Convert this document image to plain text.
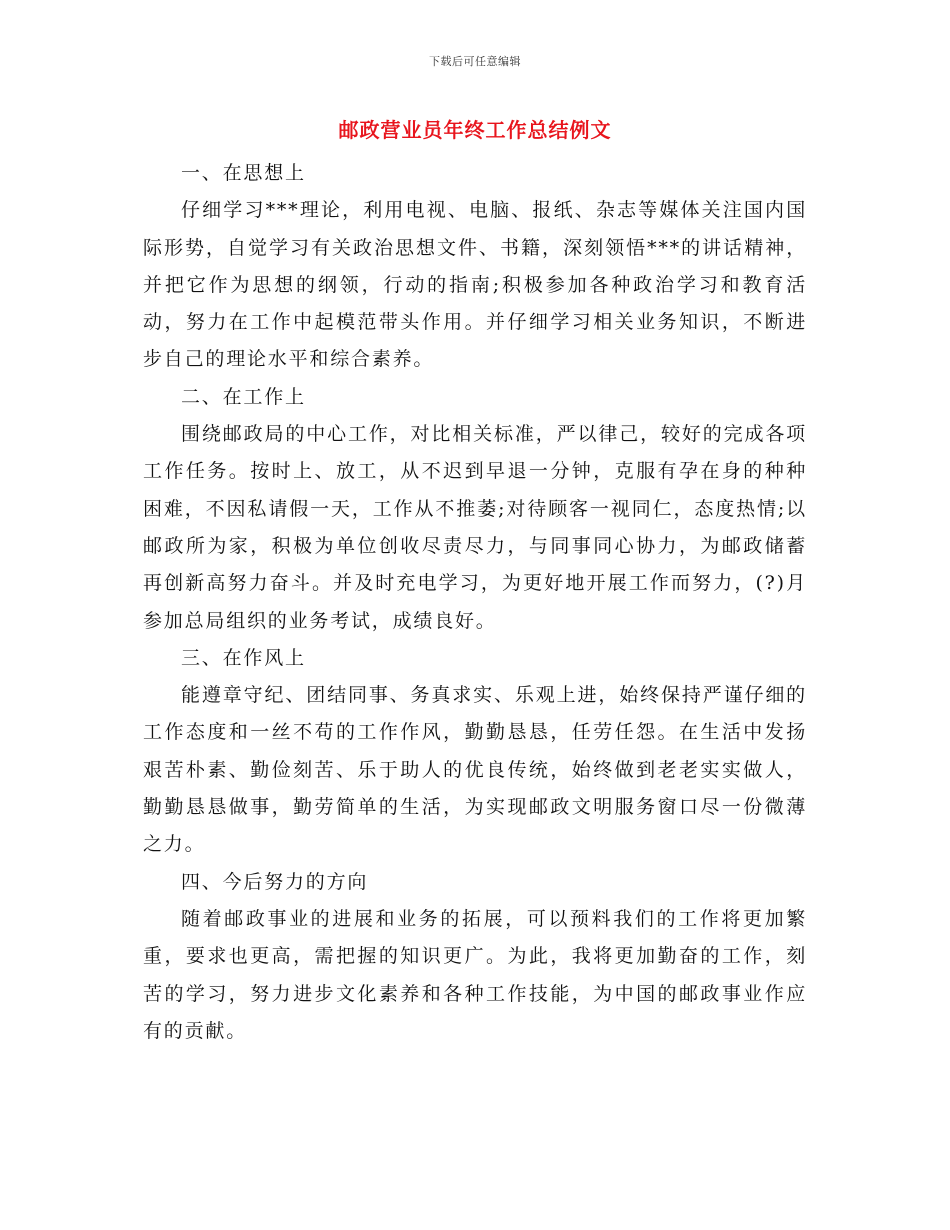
下载后可任意编辑
邮政营业员年终工作总结例文

一、在思想上

仔细学习***理论，利用电视、电脑、报纸、杂志等媒体关注国内国际形势，自觉学习有关政治思想文件、书籍，深刻领悟***的讲话精神，并把它作为思想的纲领，行动的指南;积极参加各种政治学习和教育活动，努力在工作中起模范带头作用。并仔细学习相关业务知识，不断进步自己的理论水平和综合素养。

二、在工作上

围绕邮政局的中心工作，对比相关标准，严以律己，较好的完成各项工作任务。按时上、放工，从不迟到早退一分钟，克服有孕在身的种种困难，不因私请假一天，工作从不推萎;对待顾客一视同仁，态度热情;以邮政所为家，积极为单位创收尽责尽力，与同事同心协力，为邮政储蓄再创新高努力奋斗。并及时充电学习，为更好地开展工作而努力，(?)月参加总局组织的业务考试，成绩良好。

三、在作风上

能遵章守纪、团结同事、务真求实、乐观上进，始终保持严谨仔细的工作态度和一丝不苟的工作作风，勤勤恳恳，任劳任怨。在生活中发扬艰苦朴素、勤俭刻苦、乐于助人的优良传统，始终做到老老实实做人，勤勤恳恳做事，勤劳简单的生活，为实现邮政文明服务窗口尽一份微薄之力。

四、今后努力的方向

随着邮政事业的进展和业务的拓展，可以预料我们的工作将更加繁重，要求也更高，需把握的知识更广。为此，我将更加勤奋的工作，刻苦的学习，努力进步文化素养和各种工作技能，为中国的邮政事业作应有的贡献。
